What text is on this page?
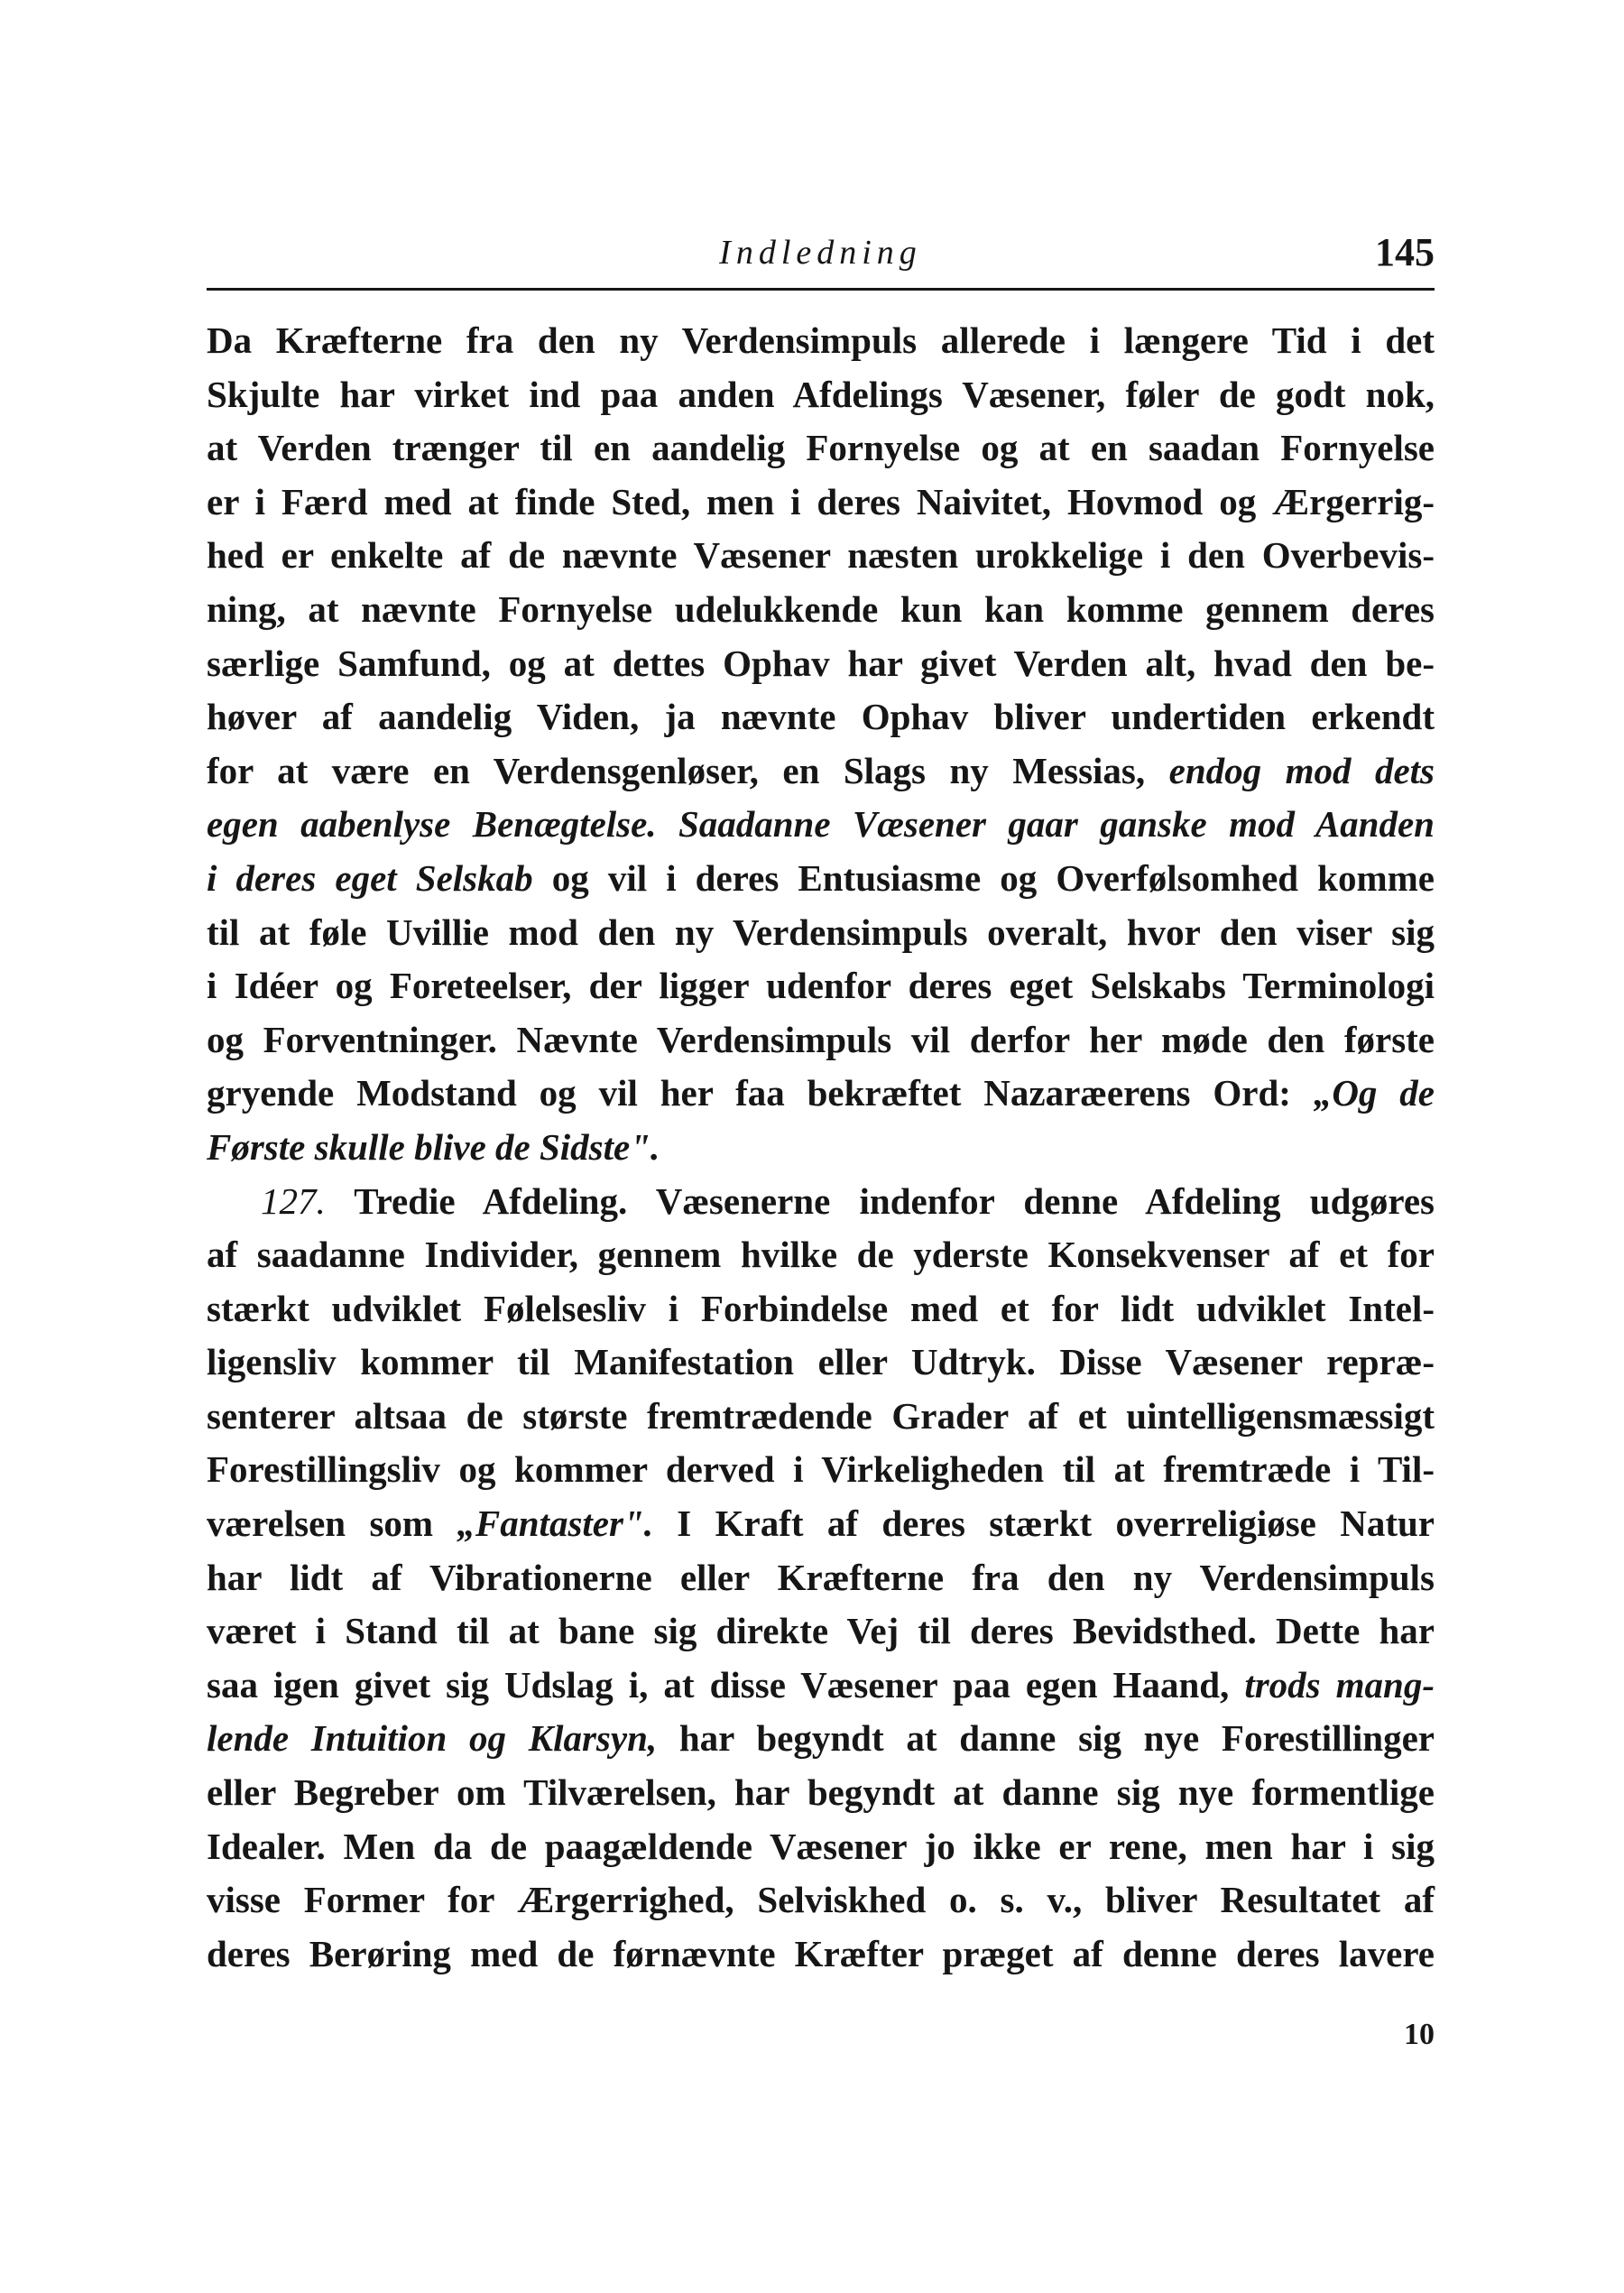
Indledning	145
Da Kræfterne fra den ny Verdensimpuls allerede i længere Tid i det
Skjulte har virket ind paa anden Afdelings Væsener, føler de godt nok,
at Verden trænger til en aandelig Fornyelse og at en saadan Fornyelse
er i Færd med at finde Sted, men i deres Naivitet, Hovmod og Ærgerrig-
hed er enkelte af de nævnte Væsener næsten urokkelige i den Overbevis-
ning, at nævnte Fornyelse udelukkende kun kan komme gennem deres
særlige Samfund, og at dettes Ophav har givet Verden alt, hvad den be-
høver af aandelig Viden, ja nævnte Ophav bliver undertiden erkendt
for at være en Verdensgenløser, en Slags ny Messias, endog mod dets
egen aabenlyse Benægtelse. Saadanne Væsener gaar ganske mod Aanden
i deres eget Selskab og vil i deres Entusiasme og Overfølsomhed komme
til at føle Uvillie mod den ny Verdensimpuls overalt, hvor den viser sig
i Idéer og Foreteelser, der ligger udenfor deres eget Selskabs Terminologi
og Forventninger. Nævnte Verdensimpuls vil derfor her møde den første
gryende Modstand og vil her faa bekræftet Nazaræerens Ord: „Og de
Første skulle blive de Sidste".
127. Tredie Afdeling. Væsenerne indenfor denne Afdeling udgøres
af saadanne Individer, gennem hvilke de yderste Konsekvenser af et for
stærkt udviklet Følelsesliv i Forbindelse med et for lidt udviklet Intel-
ligensliv kommer til Manifestation eller Udtryk. Disse Væsener repræ-
senterer altsaa de største fremtrædende Grader af et uintelligensmæssigt
Forestillingsliv og kommer derved i Virkeligheden til at fremtræde i Til-
værelsen som „Fantaster". I Kraft af deres stærkt overreligiøse Natur
har lidt af Vibrationerne eller Kræfterne fra den ny Verdensimpuls
været i Stand til at bane sig direkte Vej til deres Bevidsthed. Dette har
saa igen givet sig Udslag i, at disse Væsener paa egen Haand, trods mang-
lende Intuition og Klarsyn, har begyndt at danne sig nye Forestillinger
eller Begreber om Tilværelsen, har begyndt at danne sig nye formentlige
Idealer. Men da de paagældende Væsener jo ikke er rene, men har i sig
visse Former for Ærgerrighed, Selviskhed o. s. v., bliver Resultatet af
deres Berøring med de førnævnte Kræfter præget af denne deres lavere
10
